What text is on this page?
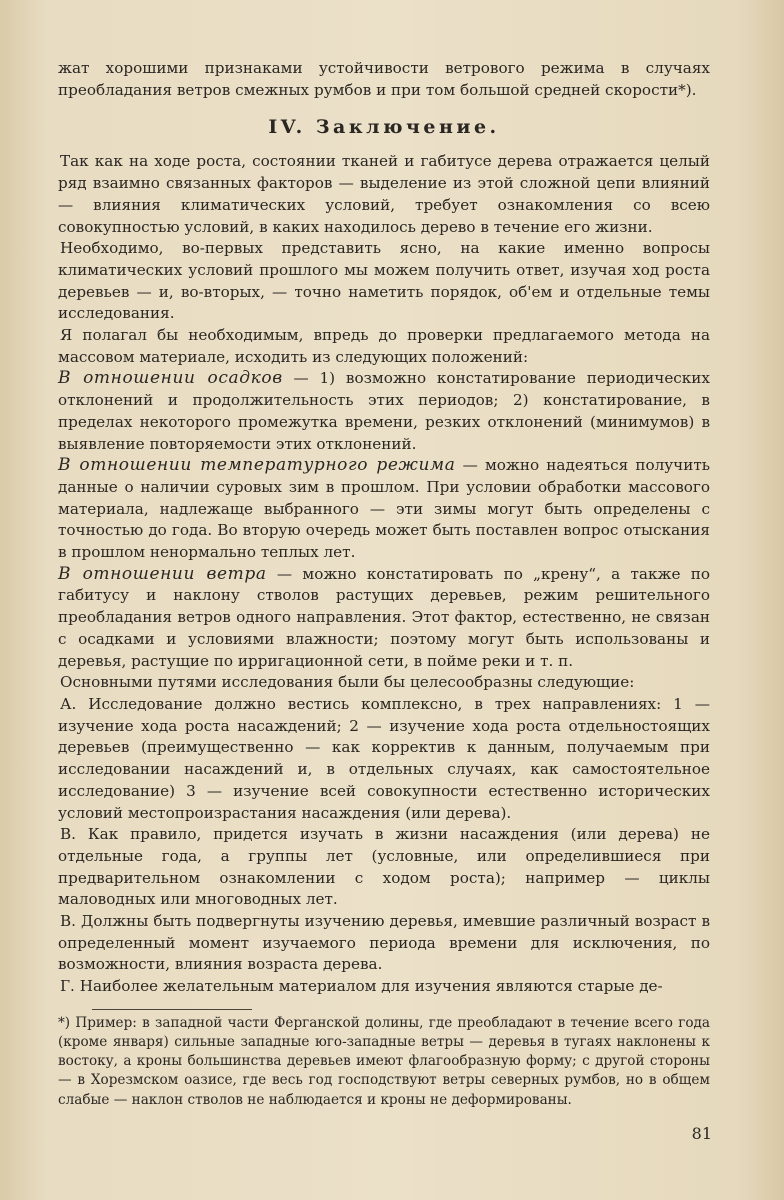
жат хорошими признаками устойчивости ветрового режима в случаях преобладания ветров смежных румбов и при том большой средней скорости*).

IV. Заключение.

Так как на ходе роста, состоянии тканей и габитусе дерева отражается целый ряд взаимно связанных факторов — выделение из этой сложной цепи влияний — влияния климатических условий, требует ознакомления со всею совокупностью условий, в каких находилось дерево в течение его жизни.

Необходимо, во-первых представить ясно, на какие именно вопросы климатических условий прошлого мы можем получить ответ, изучая ход роста деревьев — и, во-вторых, — точно наметить порядок, об'ем и отдельные темы исследования.

Я полагал бы необходимым, впредь до проверки предлагаемого метода на массовом материале, исходить из следующих положений:

В отношении осадков — 1) возможно констатирование периодических отклонений и продолжительность этих периодов; 2) констатирование, в пределах некоторого промежутка времени, резких отклонений (минимумов) в выявление повторяемости этих отклонений.

В отношении температурного режима — можно надеяться получить данные о наличии суровых зим в прошлом. При условии обработки массового материала, надлежаще выбранного — эти зимы могут быть определены с точностью до года. Во вторую очередь может быть поставлен вопрос отыскания в прошлом ненормально теплых лет.

В отношении ветра — можно констатировать по „крену“, а также по габитусу и наклону стволов растущих деревьев, режим решительного преобладания ветров одного направления. Этот фактор, естественно, не связан с осадками и условиями влажности; поэтому могут быть использованы и деревья, растущие по ирригационной сети, в пойме реки и т. п.

Основными путями исследования были бы целесообразны следующие:

А. Исследование должно вестись комплексно, в трех направлениях: 1 — изучение хода роста насаждений; 2 — изучение хода роста отдельностоящих деревьев (преимущественно — как корректив к данным, получаемым при исследовании насаждений и, в отдельных случаях, как самостоятельное исследование) 3 — изучение всей совокупности естественно исторических условий местопроизрастания насаждения (или дерева).

В. Как правило, придется изучать в жизни насаждения (или дерева) не отдельные года, а группы лет (условные, или определившиеся при предварительном ознакомлении с ходом роста); например — циклы маловодных или многоводных лет.

В. Должны быть подвергнуты изучению деревья, имевшие различный возраст в определенный момент изучаемого периода времени для исключения, по возможности, влияния возраста дерева.

Г. Наиболее желательным материалом для изучения являются старые де-

*) Пример: в западной части Ферганской долины, где преобладают в течение всего года (кроме января) сильные западные юго-западные ветры — деревья в тугаях наклонены к востоку, а кроны большинства деревьев имеют флагообразную форму; с другой стороны — в Хорезмском оазисе, где весь год господствуют ветры северных румбов, но в общем слабые — наклон стволов не наблюдается и кроны не деформированы.

81
